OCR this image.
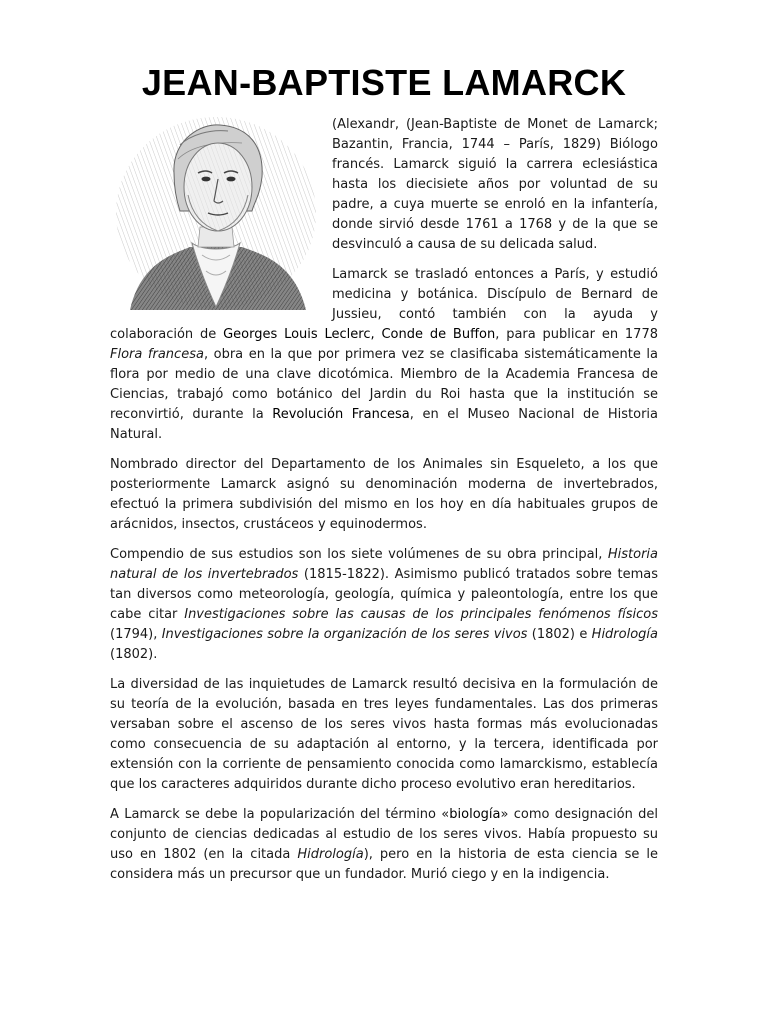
JEAN-BAPTISTE LAMARCK

(Alexandr, (Jean-Baptiste de Monet de Lamarck; Bazantin, Francia, 1744 – París, 1829) Biólogo francés. Lamarck siguió la carrera eclesiástica hasta los diecisiete años por voluntad de su padre, a cuya muerte se enroló en la infantería, donde sirvió desde 1761 a 1768 y de la que se desvinculó a causa de su delicada salud.

Lamarck se trasladó entonces a París, y estudió medicina y botánica. Discípulo de Bernard de Jussieu, contó también con la ayuda y colaboración de Georges Louis Leclerc, Conde de Buffon, para publicar en 1778 Flora francesa, obra en la que por primera vez se clasificaba sistemáticamente la flora por medio de una clave dicotómica. Miembro de la Academia Francesa de Ciencias, trabajó como botánico del Jardin du Roi hasta que la institución se reconvirtió, durante la Revolución Francesa, en el Museo Nacional de Historia Natural.

Nombrado director del Departamento de los Animales sin Esqueleto, a los que posteriormente Lamarck asignó su denominación moderna de invertebrados, efectuó la primera subdivisión del mismo en los hoy en día habituales grupos de arácnidos, insectos, crustáceos y equinodermos.

Compendio de sus estudios son los siete volúmenes de su obra principal, Historia natural de los invertebrados (1815-1822). Asimismo publicó tratados sobre temas tan diversos como meteorología, geología, química y paleontología, entre los que cabe citar Investigaciones sobre las causas de los principales fenómenos físicos (1794), Investigaciones sobre la organización de los seres vivos (1802) e Hidrología (1802).

La diversidad de las inquietudes de Lamarck resultó decisiva en la formulación de su teoría de la evolución, basada en tres leyes fundamentales. Las dos primeras versaban sobre el ascenso de los seres vivos hasta formas más evolucionadas como consecuencia de su adaptación al entorno, y la tercera, identificada por extensión con la corriente de pensamiento conocida como lamarckismo, establecía que los caracteres adquiridos durante dicho proceso evolutivo eran hereditarios.

A Lamarck se debe la popularización del término «biología» como designación del conjunto de ciencias dedicadas al estudio de los seres vivos. Había propuesto su uso en 1802 (en la citada Hidrología), pero en la historia de esta ciencia se le considera más un precursor que un fundador. Murió ciego y en la indigencia.
